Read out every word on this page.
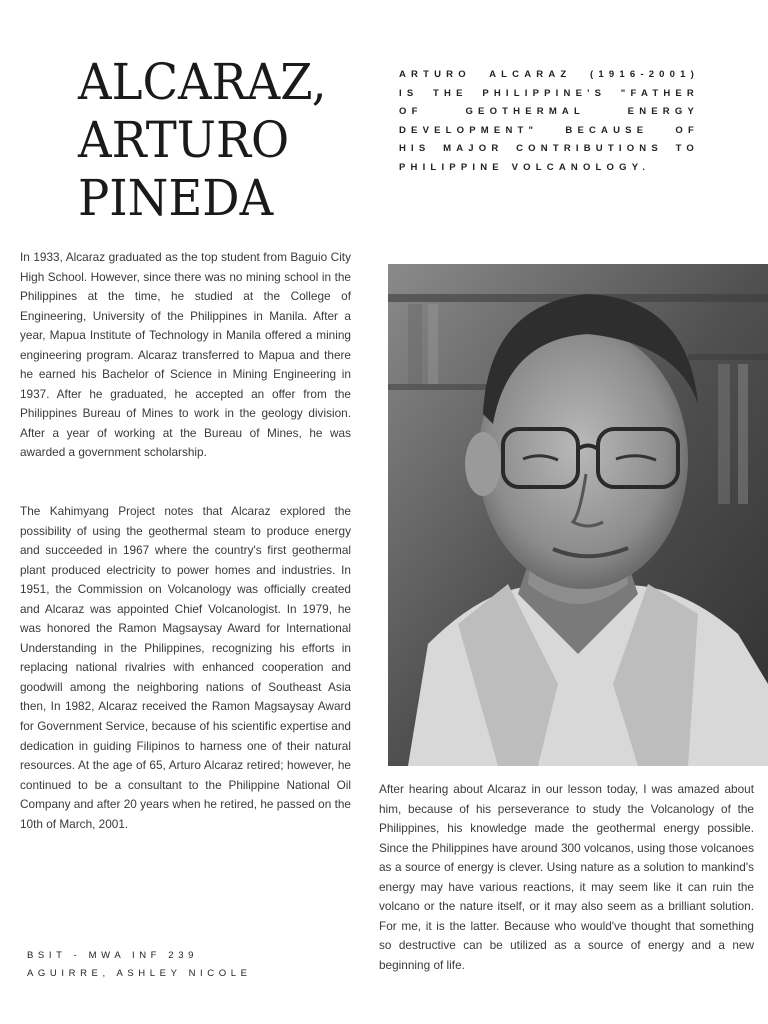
ALCARAZ,
ARTURO
PINEDA

ARTURO ALCARAZ (1916-2001) IS THE PHILIPPINE'S "FATHER OF GEOTHERMAL ENERGY DEVELOPMENT" BECAUSE OF HIS MAJOR CONTRIBUTIONS TO PHILIPPINE VOLCANOLOGY.

In 1933, Alcaraz graduated as the top student from Baguio City High School. However, since there was no mining school in the Philippines at the time, he studied at the College of Engineering, University of the Philippines in Manila. After a year, Mapua Institute of Technology in Manila offered a mining engineering program. Alcaraz transferred to Mapua and there he earned his Bachelor of Science in Mining Engineering in 1937. After he graduated, he accepted an offer from the Philippines Bureau of Mines to work in the geology division. After a year of working at the Bureau of Mines, he was awarded a government scholarship.

The Kahimyang Project notes that Alcaraz explored the possibility of using the geothermal steam to produce energy and succeeded in 1967 where the country's first geothermal plant produced electricity to power homes and industries. In 1951, the Commission on Volcanology was officially created and Alcaraz was appointed Chief Volcanologist. In 1979, he was honored the Ramon Magsaysay Award for International Understanding in the Philippines, recognizing his efforts in replacing national rivalries with enhanced cooperation and goodwill among the neighboring nations of Southeast Asia then, In 1982, Alcaraz received the Ramon Magsaysay Award for Government Service, because of his scientific expertise and dedication in guiding Filipinos to harness one of their natural resources. At the age of 65, Arturo Alcaraz retired; however, he continued to be a consultant to the Philippine National Oil Company and after 20 years when he retired, he passed on the 10th of March, 2001.

After hearing about Alcaraz in our lesson today, I was amazed about him, because of his perseverance to study the Volcanology of the Philippines, his knowledge made the geothermal energy possible. Since the Philippines have around 300 volcanos, using those volcanoes as a source of energy is clever. Using nature as a solution to mankind's energy may have various reactions, it may seem like it can ruin the volcano or the nature itself, or it may also seem as a brilliant solution. For me, it is the latter. Because who would've thought that something so destructive can be utilized as a source of energy and a new beginning of life.

BSIT - MWA INF 239

AGUIRRE, ASHLEY NICOLE
